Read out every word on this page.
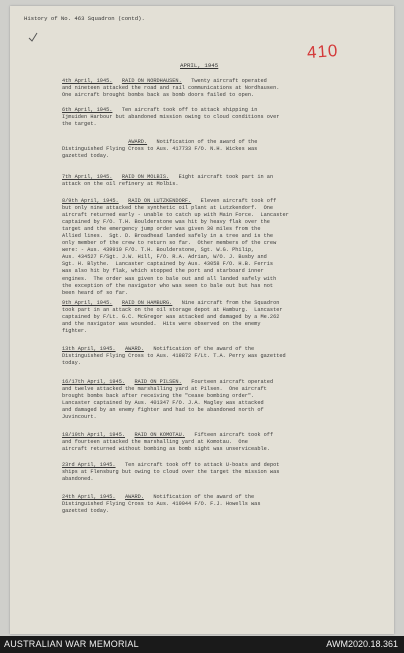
History of No. 463 Squadron (contd).
410
APRIL, 1945
4th April, 1945. RAID ON NORDHAUSEN. Twenty aircraft operated
and nineteen attacked the road and rail communications at Nordhausen.
One aircraft brought bombs back as bomb doors failed to open.
6th April, 1945. Ten aircraft took off to attack shipping in
Ijmuiden Harbour but abandoned mission owing to cloud conditions over
the target.
AWARD. Notification of the award of the
Distinguished Flying Cross to Aus. 417733 F/O. N.H. Wickes was
gazetted today.
7th April, 1945. RAID ON MOLBIS. Eight aircraft took part in an
attack on the oil refinery at Molbis.
8/9th April, 1945. RAID ON LUTZKENDORF. Eleven aircraft took off
but only nine attacked the synthetic oil plant at Lutzkendorf.  One
aircraft returned early - unable to catch up with Main Force.  Lancaster
captained by F/O. T.H. Boulderstone was hit by heavy flak over the
target and the emergency jump order was given 30 miles from the
Allied lines.  Sgt. D. Broadhead landed safely in a tree and is the
only member of the crew to return so far.  Other members of the crew
were: - Aus. 439910 F/O. T.H. Boulderstone, Sgt. W.G. Philip,
Aus. 434527 F/Sgt. J.W. Hill, F/O. R.A. Adrian, W/O. J. Busby and
Sgt. H. Blythe.  Lancaster captained by Aus. 43058 F/O. H.B. Ferris
was also hit by flak, which stopped the port and starboard inner
engines.  The order was given to bale out and all landed safely with
the exception of the navigator who was seen to bale out but has not
been heard of so far.
9th April, 1945. RAID ON HAMBURG. Nine aircraft from the Squadron
took part in an attack on the oil storage depot at Hamburg.  Lancaster
captained by F/Lt. G.C. McGregor was attacked and damaged by a Me.262
and the navigator was wounded.  Hits were observed on the enemy
fighter.
13th April, 1945. AWARD. Notification of the award of the
Distinguished Flying Cross to Aus. 418872 F/Lt. T.A. Perry was gazetted
today.
16/17th April, 1945. RAID ON PILSEN. Fourteen aircraft operated
and twelve attacked the marshalling yard at Pilsen.  One aircraft
brought bombs back after receiving the "cease bombing order".
Lancaster captained by Aus. 401347 F/O. J.A. Magley was attacked
and damaged by an enemy fighter and had to be abandoned north of
Juvincourt.
18/19th April, 1945. RAID ON KOMOTAU. Fifteen aircraft took off
and fourteen attacked the marshalling yard at Komotau.  One
aircraft returned without bombing as bomb sight was unserviceable.
23rd April, 1945. Ten aircraft took off to attack U-boats and depot
ships at Flensburg but owing to cloud over the target the mission was
abandoned.
24th April, 1945. AWARD. Notification of the award of the
Distinguished Flying Cross to Aus. 419044 F/O. F.J. Howells was
gazetted today.
AUSTRALIAN WAR MEMORIAL	AWM2020.18.361
